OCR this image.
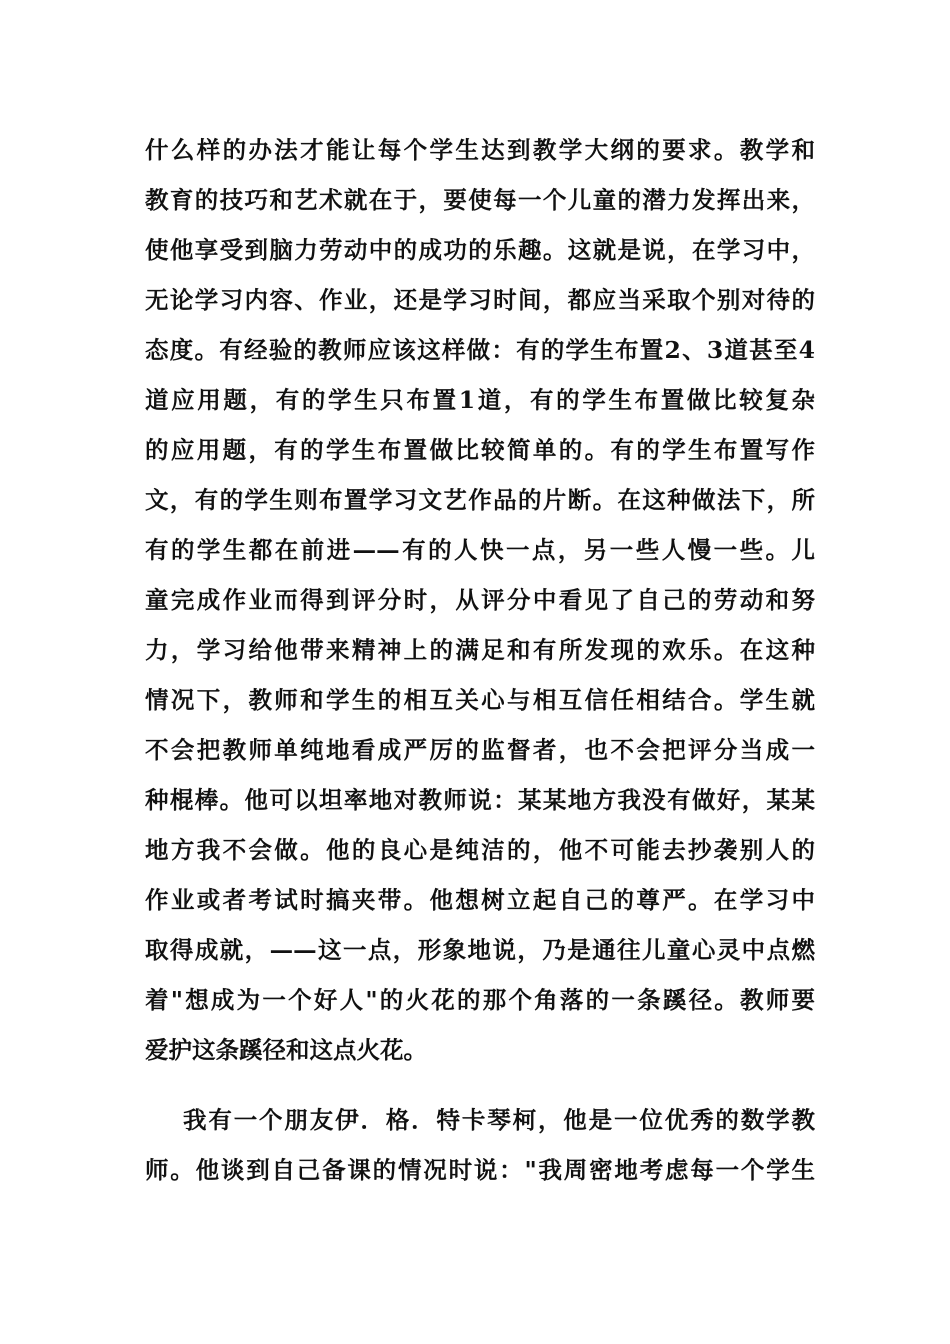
什么样的办法才能让每个学生达到教学大纲的要求。教学和
教育的技巧和艺术就在于，要使每一个儿童的潜力发挥出来，
使他享受到脑力劳动中的成功的乐趣。这就是说，在学习中，
无论学习内容、作业，还是学习时间，都应当采取个别对待的
态度。有经验的教师应该这样做：有的学生布置2、3道甚至4
道应用题，有的学生只布置1道，有的学生布置做比较复杂
的应用题，有的学生布置做比较简单的。有的学生布置写作
文，有的学生则布置学习文艺作品的片断。在这种做法下，所
有的学生都在前进——有的人快一点，另一些人慢一些。儿
童完成作业而得到评分时，从评分中看见了自己的劳动和努
力，学习给他带来精神上的满足和有所发现的欢乐。在这种
情况下，教师和学生的相互关心与相互信任相结合。学生就
不会把教师单纯地看成严厉的监督者，也不会把评分当成一
种棍棒。他可以坦率地对教师说：某某地方我没有做好，某某
地方我不会做。他的良心是纯洁的，他不可能去抄袭别人的
作业或者考试时搞夹带。他想树立起自己的尊严。在学习中
取得成就，——这一点，形象地说，乃是通往儿童心灵中点燃
着"想成为一个好人"的火花的那个角落的一条蹊径。教师要
爱护这条蹊径和这点火花。
我有一个朋友伊．格．特卡琴柯，他是一位优秀的数学教
师。他谈到自己备课的情况时说："我周密地考虑每一个学生
